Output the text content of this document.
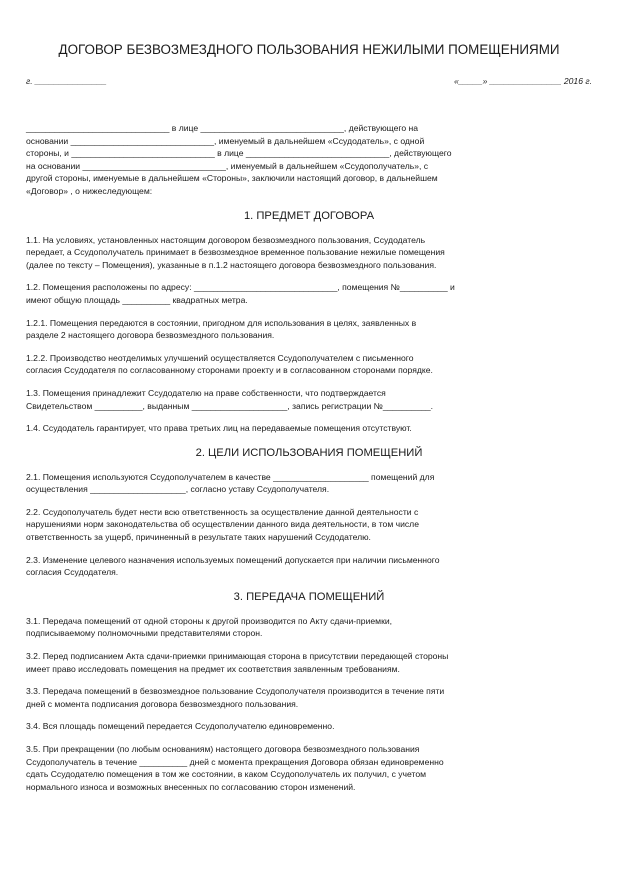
ДОГОВОР БЕЗВОЗМЕЗДНОГО ПОЛЬЗОВАНИЯ НЕЖИЛЫМИ ПОМЕЩЕНИЯМИ
г. _______________	«_____» _______________ 2016 г.

______________________________ в лице ______________________________, действующего на

основании ______________________________, именуемый в дальнейшем «Ссудодатель», с одной

стороны, и ______________________________ в лице ______________________________, действующего

на основании ______________________________, именуемый в дальнейшем «Ссудополучатель», с

другой стороны, именуемые в дальнейшем «Стороны», заключили настоящий договор, в дальнейшем

«Договор» , о нижеследующем:

1. ПРЕДМЕТ ДОГОВОРА

1.1. На условиях, установленных настоящим договором безвозмездного пользования, Ссудодатель

передает, а Ссудополучатель принимает в безвозмездное временное пользование нежилые помещения

(далее по тексту – Помещения), указанные в п.1.2 настоящего договора безвозмездного пользования.

1.2. Помещения расположены по адресу: ______________________________, помещения №__________ и

имеют общую площадь __________ квадратных метра.

1.2.1. Помещения передаются в состоянии, пригодном для использования в целях, заявленных в

разделе 2 настоящего договора безвозмездного пользования.

1.2.2. Производство неотделимых улучшений осуществляется Ссудополучателем с письменного

согласия Ссудодателя по согласованному сторонами проекту и в согласованном сторонами порядке.

1.3. Помещения принадлежит Ссудодателю на праве собственности, что подтверждается

Свидетельством __________, выданным ____________________, запись регистрации №__________.

1.4. Ссудодатель гарантирует, что права третьих лиц на передаваемые помещения отсутствуют.

2. ЦЕЛИ ИСПОЛЬЗОВАНИЯ ПОМЕЩЕНИЙ

2.1. Помещения используются Ссудополучателем в качестве ____________________ помещений для

осуществления ____________________, согласно уставу Ссудополучателя.

2.2. Ссудополучатель будет нести всю ответственность за осуществление данной деятельности с

нарушениями норм законодательства об осуществлении данного вида деятельности, в том числе

ответственность за ущерб, причиненный в результате таких нарушений Ссудодателю.

2.3. Изменение целевого назначения используемых помещений допускается при наличии письменного

согласия Ссудодателя.

3. ПЕРЕДАЧА ПОМЕЩЕНИЙ

3.1. Передача помещений от одной стороны к другой производится по Акту сдачи-приемки,

подписываемому полномочными представителями сторон.

3.2. Перед подписанием Акта сдачи-приемки принимающая сторона в присутствии передающей стороны

имеет право исследовать помещения на предмет их соответствия заявленным требованиям.

3.3. Передача помещений в безвозмездное пользование Ссудополучателя производится в течение пяти

дней с момента подписания договора безвозмездного пользования.

3.4. Вся площадь помещений передается Ссудополучателю единовременно.

3.5. При прекращении (по любым основаниям) настоящего договора безвозмездного пользования

Ссудополучатель в течение __________ дней с момента прекращения Договора обязан единовременно

сдать Ссудодателю помещения в том же состоянии, в каком Ссудополучатель их получил, с учетом

нормального износа и возможных внесенных по согласованию сторон изменений.
